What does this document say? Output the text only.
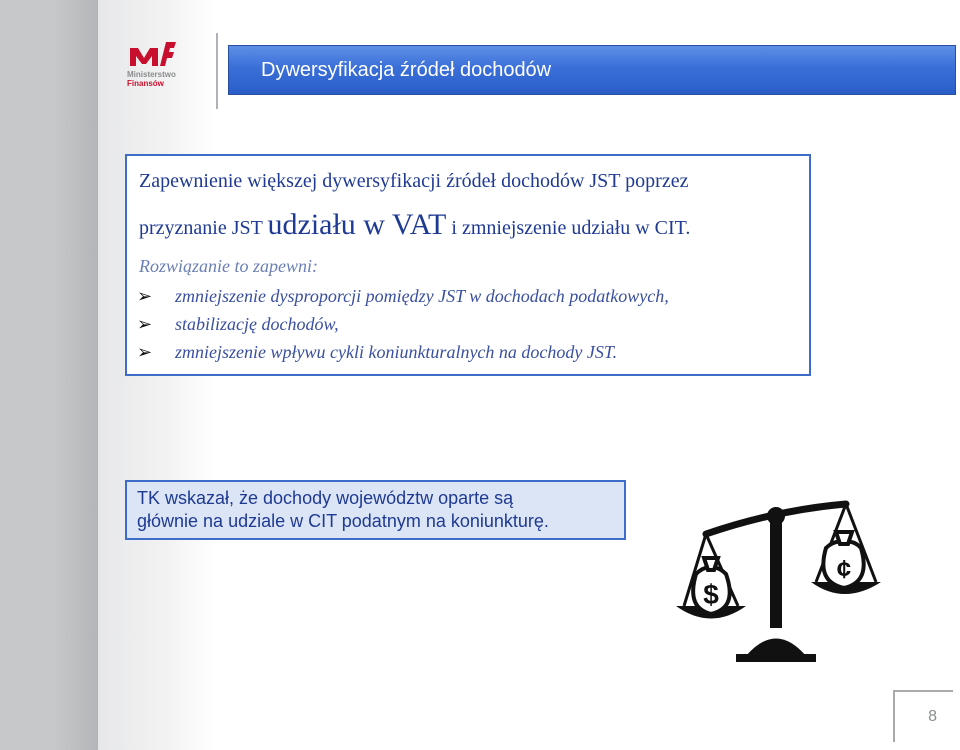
Ministerstwo
Finansów
Dywersyfikacja źródeł dochodów
Zapewnienie większej dywersyfikacji źródeł dochodów JST poprzez
przyznanie JST udziału w VAT i zmniejszenie udziału w CIT.
Rozwiązanie to zapewni:
➢ zmniejszenie dysproporcji pomiędzy JST w dochodach podatkowych,
➢ stabilizację dochodów,
➢ zmniejszenie wpływu cykli koniunkturalnych na dochody JST.
TK wskazał, że dochody województw oparte są
głównie na udziale w CIT podatnym na koniunkturę.
$
¢
8
